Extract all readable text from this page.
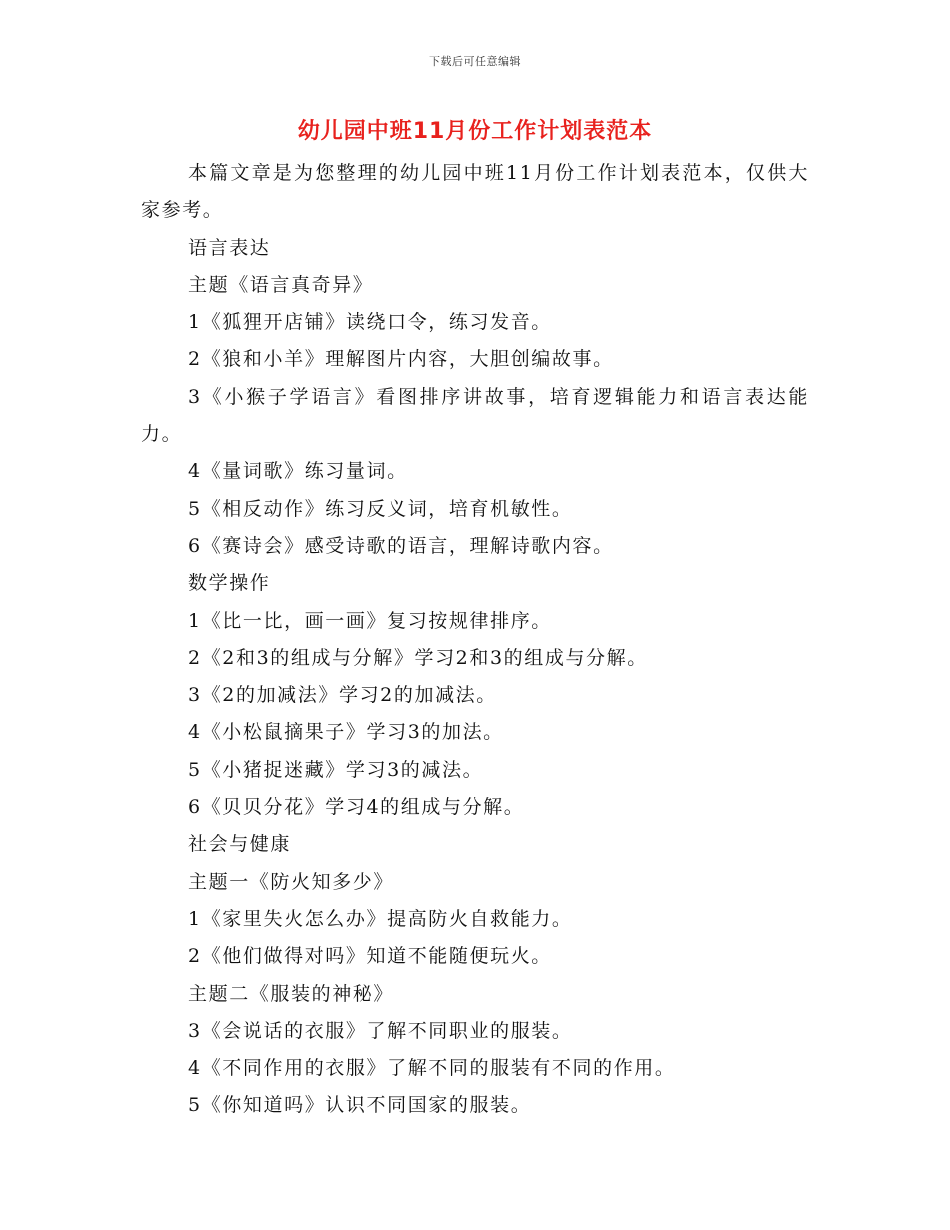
下载后可任意编辑
幼儿园中班11月份工作计划表范本

本篇文章是为您整理的幼儿园中班11月份工作计划表范本，仅供大家参考。

语言表达

主题《语言真奇异》

1《狐狸开店铺》读绕口令，练习发音。

2《狼和小羊》理解图片内容，大胆创编故事。

3《小猴子学语言》看图排序讲故事，培育逻辑能力和语言表达能力。

4《量词歌》练习量词。

5《相反动作》练习反义词，培育机敏性。

6《赛诗会》感受诗歌的语言，理解诗歌内容。

数学操作

1《比一比，画一画》复习按规律排序。

2《2和3的组成与分解》学习2和3的组成与分解。

3《2的加减法》学习2的加减法。

4《小松鼠摘果子》学习3的加法。

5《小猪捉迷藏》学习3的减法。

6《贝贝分花》学习4的组成与分解。

社会与健康

主题一《防火知多少》

1《家里失火怎么办》提高防火自救能力。

2《他们做得对吗》知道不能随便玩火。

主题二《服装的神秘》

3《会说话的衣服》了解不同职业的服装。

4《不同作用的衣服》了解不同的服装有不同的作用。

5《你知道吗》认识不同国家的服装。
